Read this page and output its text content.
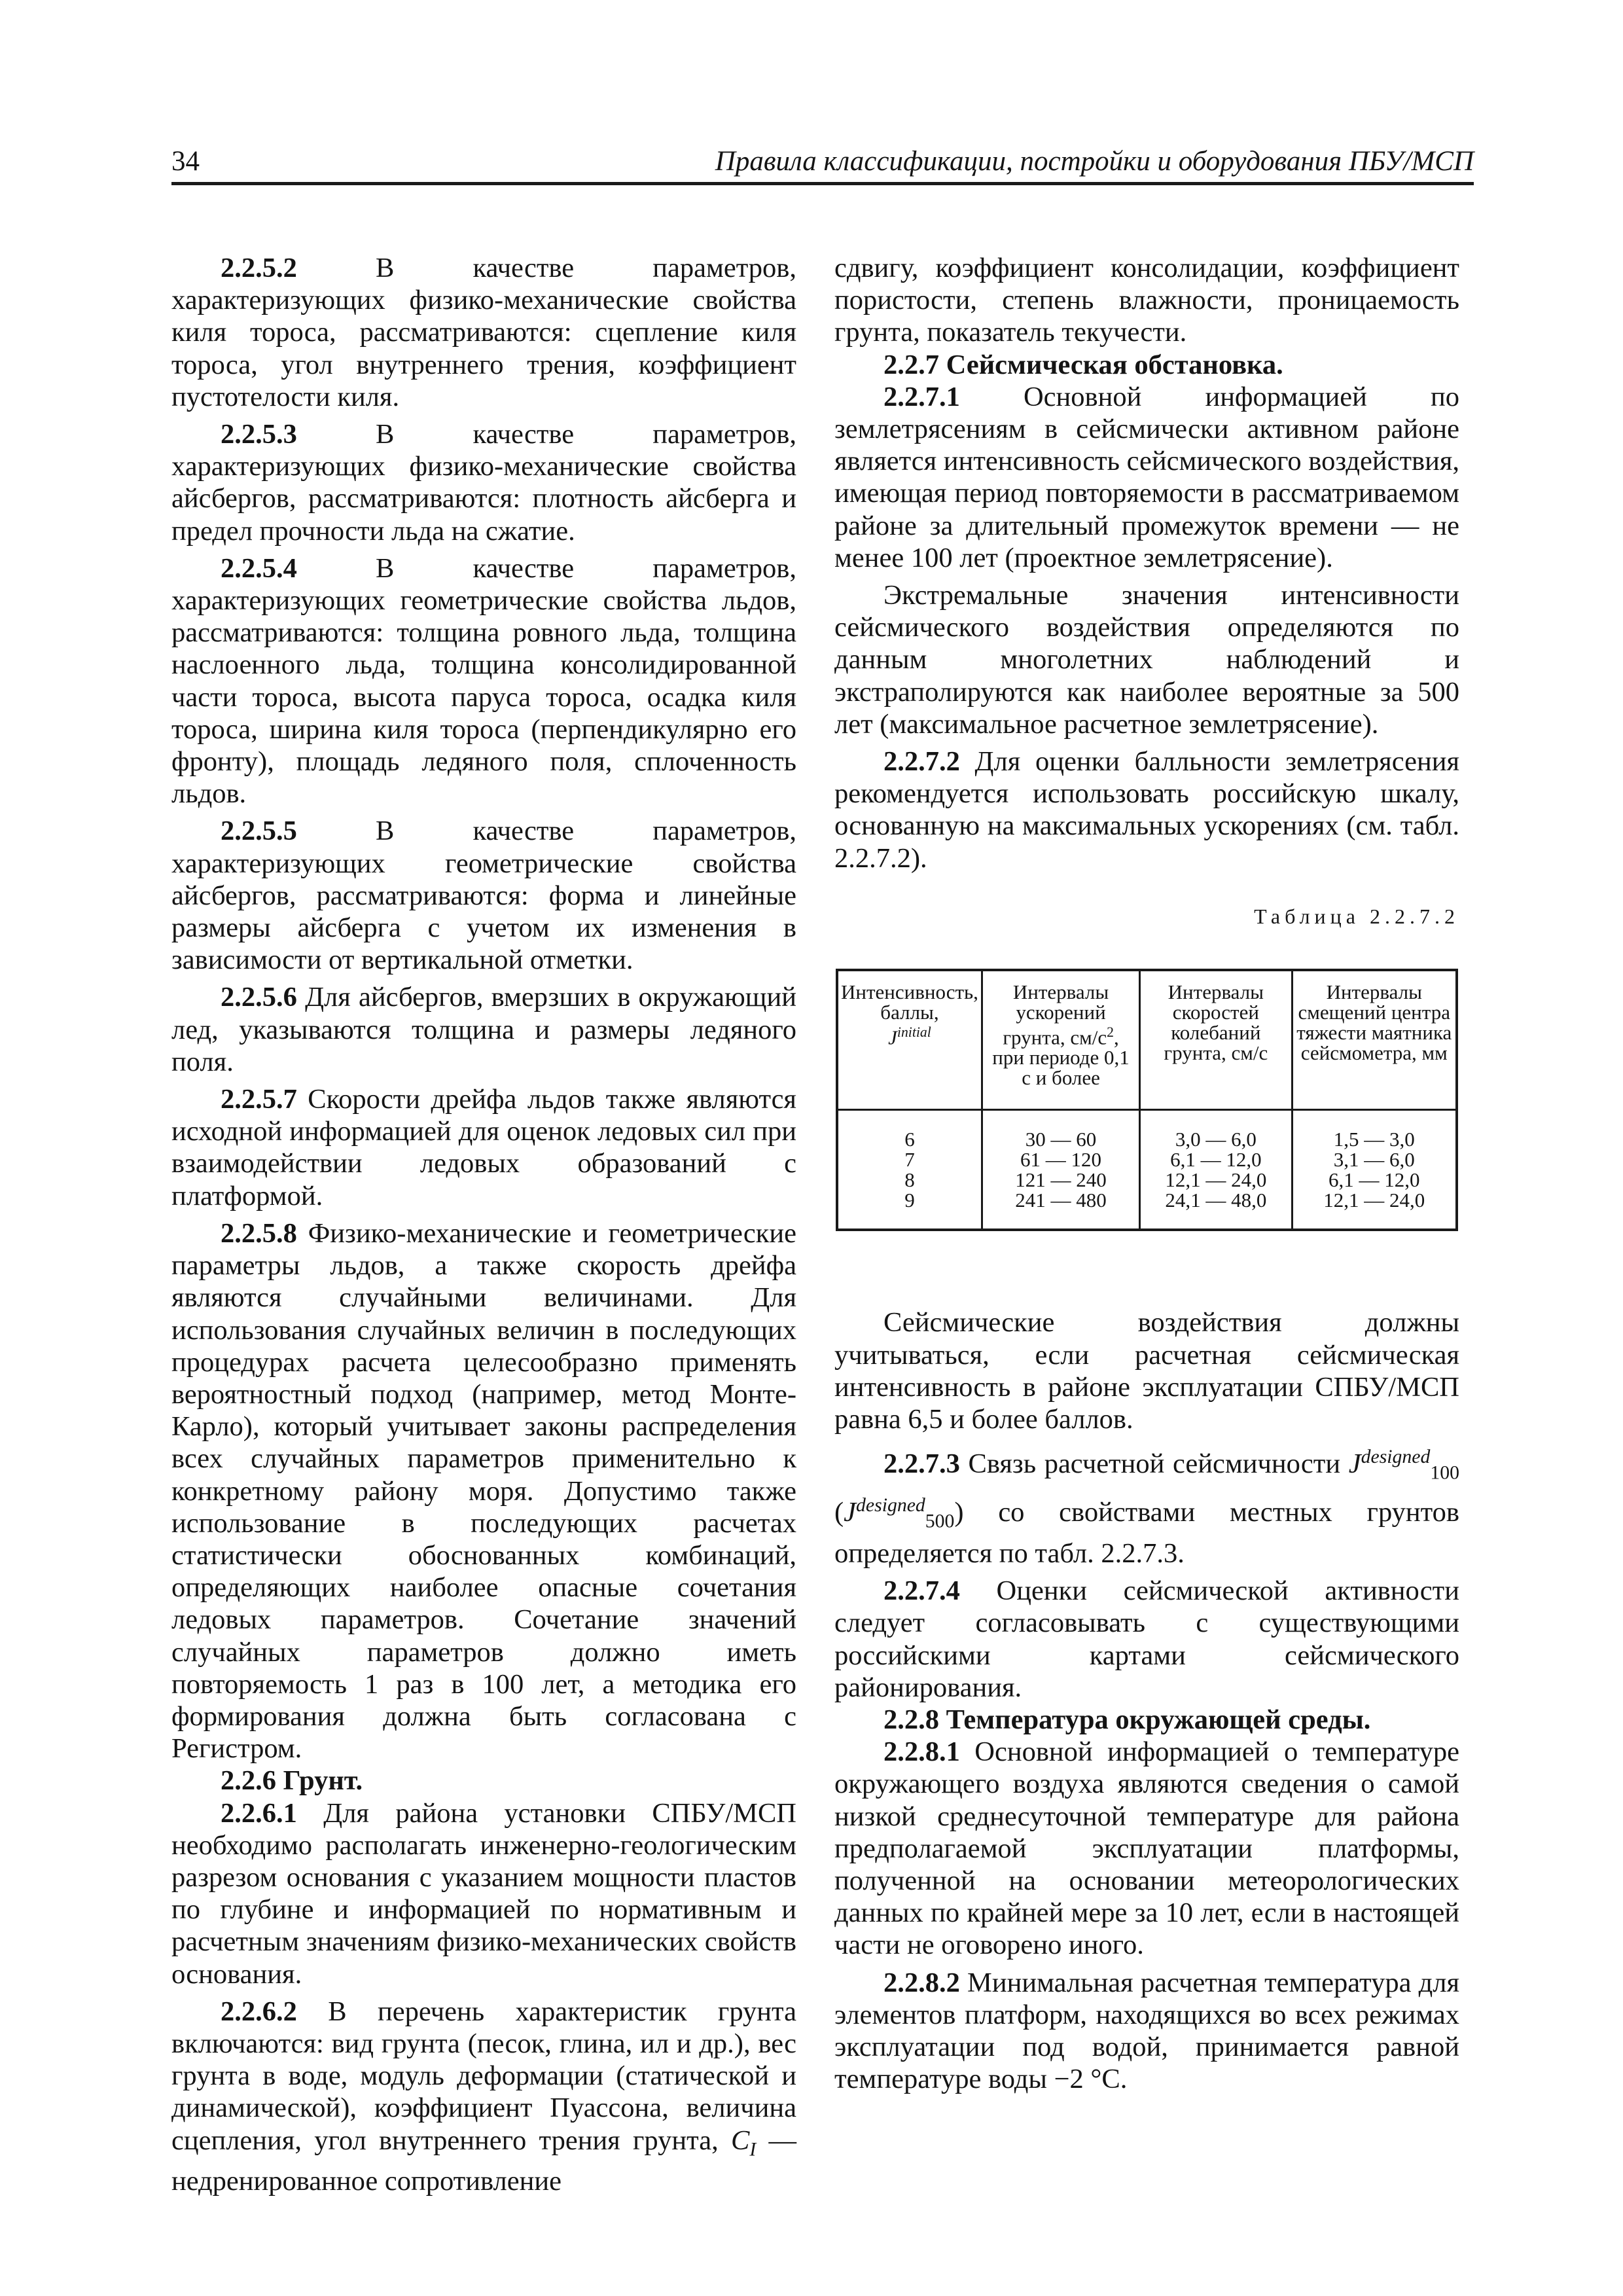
34	Правила классификации, постройки и оборудования ПБУ/МСП

2.2.5.2 В качестве параметров, характеризующих физико-механические свойства киля тороса, рассматриваются: сцепление киля тороса, угол внутреннего трения, коэффициент пустотелости киля.

2.2.5.3 В качестве параметров, характеризующих физико-механические свойства айсбергов, рассматриваются: плотность айсберга и предел прочности льда на сжатие.

2.2.5.4 В качестве параметров, характеризующих геометрические свойства льдов, рассматриваются: толщина ровного льда, толщина наслоенного льда, толщина консолидированной части тороса, высота паруса тороса, осадка киля тороса, ширина киля тороса (перпендикулярно его фронту), площадь ледяного поля, сплоченность льдов.

2.2.5.5 В качестве параметров, характеризующих геометрические свойства айсбергов, рассматриваются: форма и линейные размеры айсберга с учетом их изменения в зависимости от вертикальной отметки.

2.2.5.6 Для айсбергов, вмерзших в окружающий лед, указываются толщина и размеры ледяного поля.

2.2.5.7 Скорости дрейфа льдов также являются исходной информацией для оценок ледовых сил при взаимодействии ледовых образований с платформой.

2.2.5.8 Физико-механические и геометрические параметры льдов, а также скорость дрейфа являются случайными величинами. Для использования случайных величин в последующих процедурах расчета целесообразно применять вероятностный подход (например, метод Монте-Карло), который учитывает законы распределения всех случайных параметров применительно к конкретному району моря. Допустимо также использование в последующих расчетах статистически обоснованных комбинаций, определяющих наиболее опасные сочетания ледовых параметров. Сочетание значений случайных параметров должно иметь повторяемость 1 раз в 100 лет, а методика его формирования должна быть согласована с Регистром.

2.2.6 Грунт.

2.2.6.1 Для района установки СПБУ/МСП необходимо располагать инженерно-геологическим разрезом основания с указанием мощности пластов по глубине и информацией по нормативным и расчетным значениям физико-механических свойств основания.

2.2.6.2 В перечень характеристик грунта включаются: вид грунта (песок, глина, ил и др.), вес грунта в воде, модуль деформации (статической и динамической), коэффициент Пуассона, величина сцепления, угол внутреннего трения грунта, $C_I$ — недренированное сопротивление

сдвигу, коэффициент консолидации, коэффициент пористости, степень влажности, проницаемость грунта, показатель текучести.

2.2.7 Сейсмическая обстановка.

2.2.7.1 Основной информацией по землетрясениям в сейсмически активном районе является интенсивность сейсмического воздействия, имеющая период повторяемости в рассматриваемом районе за длительный промежуток времени — не менее 100 лет (проектное землетрясение).

Экстремальные значения интенсивности сейсмического воздействия определяются по данным многолетних наблюдений и экстраполируются как наиболее вероятные за 500 лет (максимальное расчетное землетрясение).

2.2.7.2 Для оценки балльности землетрясения рекомендуется использовать российскую шкалу, основанную на максимальных ускорениях (см. табл. 2.2.7.2).

Таблица 2.2.7.2
Интенсивность, баллы,
$J^{initial}$	Интервалы ускорений грунта, $см/с^2$, при периоде 0,1 с и более	Интервалы скоростей колебаний грунта, см/с	Интервалы смещений центра тяжести маятника сейсмометра, мм
6	30 — 60	3,0 — 6,0	1,5 — 3,0
7	61 — 120	6,1 — 12,0	3,1 — 6,0
8	121 — 240	12,1 — 24,0	6,1 — 12,0
9	241 — 480	24,1 — 48,0	12,1 — 24,0

Сейсмические воздействия должны учитываться, если расчетная сейсмическая интенсивность в районе эксплуатации СПБУ/МСП равна 6,5 и более баллов.

2.2.7.3 Связь расчетной сейсмичности $J^{designed}_{100}$ $(J^{designed}_{500})$ со свойствами местных грунтов определяется по табл. 2.2.7.3.

2.2.7.4 Оценки сейсмической активности следует согласовывать с существующими российскими картами сейсмического районирования.

2.2.8 Температура окружающей среды.

2.2.8.1 Основной информацией о температуре окружающего воздуха являются сведения о самой низкой среднесуточной температуре для района предполагаемой эксплуатации платформы, полученной на основании метеорологических данных по крайней мере за 10 лет, если в настоящей части не оговорено иного.

2.2.8.2 Минимальная расчетная температура для элементов платформ, находящихся во всех режимах эксплуатации под водой, принимается равной температуре воды −2 °C.
